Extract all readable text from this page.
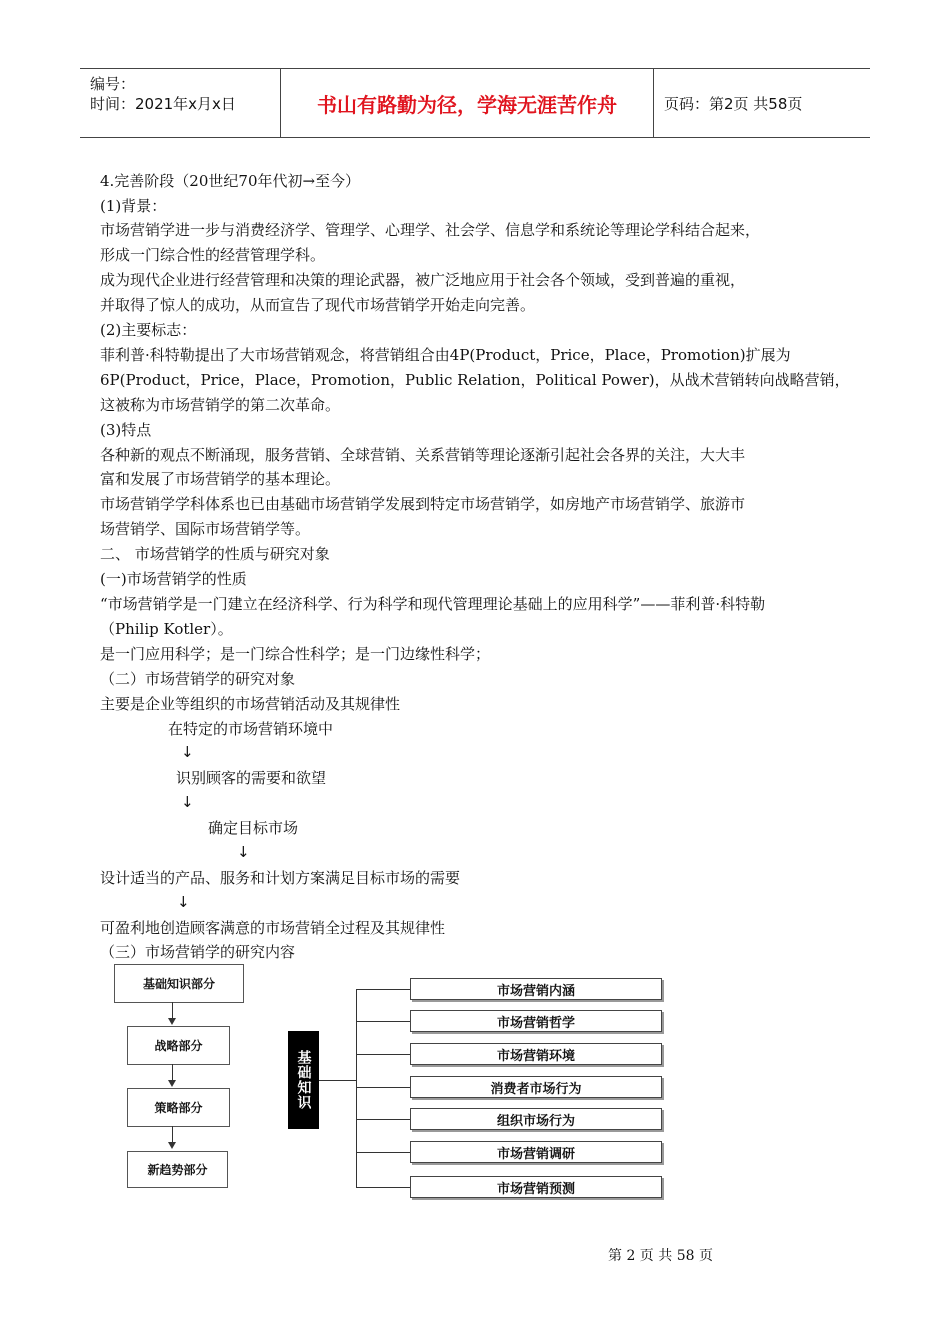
编号：
时间：2021年x月x日	书山有路勤为径，学海无涯苦作舟	页码：第2页 共58页
4.完善阶段（20世纪70年代初→至今）
(1)背景：
市场营销学进一步与消费经济学、管理学、心理学、社会学、信息学和系统论等理论学科结合起来，
形成一门综合性的经营管理学科。
成为现代企业进行经营管理和决策的理论武器，被广泛地应用于社会各个领域，受到普遍的重视，
并取得了惊人的成功，从而宣告了现代市场营销学开始走向完善。
(2)主要标志：
菲利普·科特勒提出了大市场营销观念，将营销组合由4P(Product，Price，Place，Promotion)扩展为
6P(Product，Price，Place，Promotion，Public Relation，Political Power)，从战术营销转向战略营销，
这被称为市场营销学的第二次革命。
(3)特点
各种新的观点不断涌现，服务营销、全球营销、关系营销等理论逐渐引起社会各界的关注，大大丰
富和发展了市场营销学的基本理论。
市场营销学学科体系也已由基础市场营销学发展到特定市场营销学，如房地产市场营销学、旅游市
场营销学、国际市场营销学等。
二、 市场营销学的性质与研究对象
(一)市场营销学的性质
“市场营销学是一门建立在经济科学、行为科学和现代管理理论基础上的应用科学”——菲利普·科特勒
（Philip Kotler）。
是一门应用科学；是一门综合性科学；是一门边缘性科学；
（二）市场营销学的研究对象
主要是企业等组织的市场营销活动及其规律性
在特定的市场营销环境中
↓
识别顾客的需要和欲望
↓
确定目标市场
↓
设计适当的产品、服务和计划方案满足目标市场的需要
↓
可盈利地创造顾客满意的市场营销全过程及其规律性
（三）市场营销学的研究内容
基础知识部分
战略部分
策略部分
新趋势部分
基础知识
市场营销内涵
市场营销哲学
市场营销环境
消费者市场行为
组织市场行为
市场营销调研
市场营销预测
第 2 页 共 58 页
